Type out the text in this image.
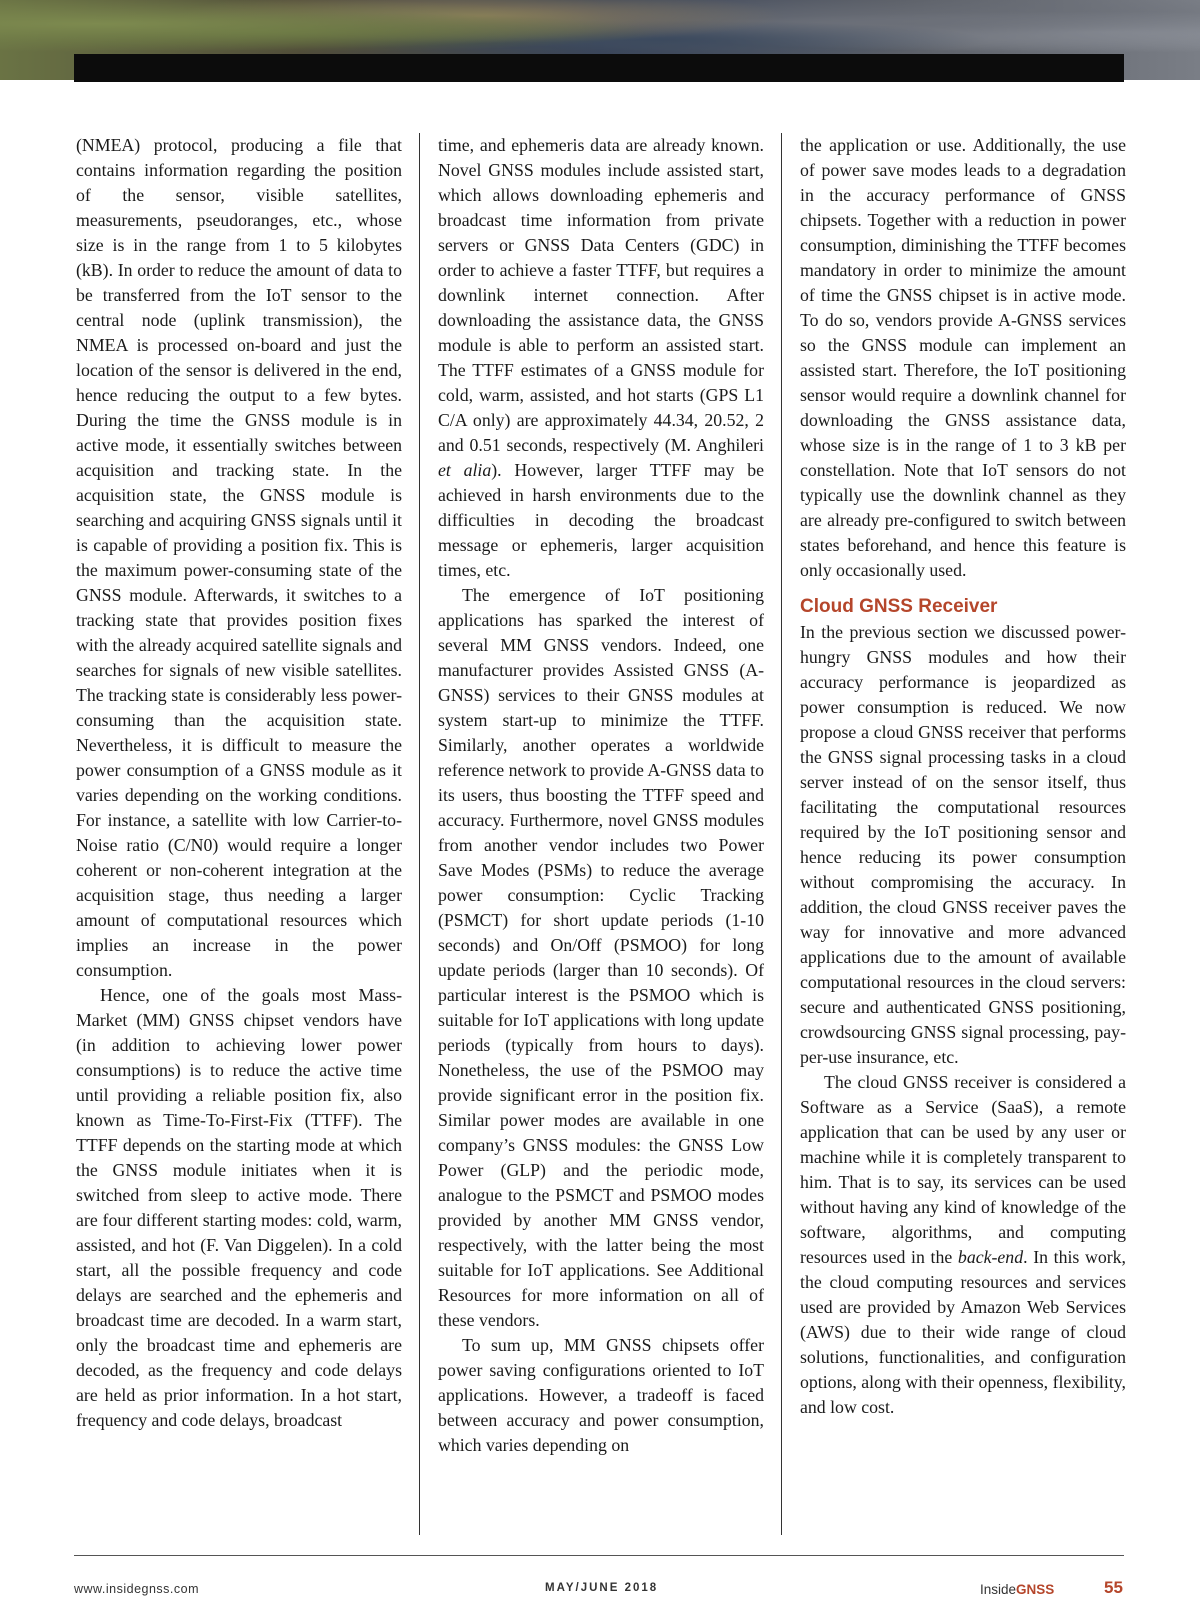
(NMEA) protocol, producing a file that contains information regarding the position of the sensor, visible satellites, measurements, pseudoranges, etc., whose size is in the range from 1 to 5 kilobytes (kB). In order to reduce the amount of data to be transferred from the IoT sensor to the central node (uplink transmission), the NMEA is processed on-board and just the location of the sensor is delivered in the end, hence reducing the output to a few bytes. During the time the GNSS module is in active mode, it essentially switches between acquisition and tracking state. In the acquisition state, the GNSS module is searching and acquiring GNSS signals until it is capable of providing a position fix. This is the maximum power-consuming state of the GNSS module. Afterwards, it switches to a tracking state that provides position fixes with the already acquired satellite signals and searches for signals of new visible satellites. The tracking state is considerably less power-consuming than the acquisition state. Nevertheless, it is difficult to measure the power consumption of a GNSS module as it varies depending on the working conditions. For instance, a satellite with low Carrier-to-Noise ratio (C/N0) would require a longer coherent or non-coherent integration at the acquisition stage, thus needing a larger amount of computational resources which implies an increase in the power consumption.

Hence, one of the goals most Mass-Market (MM) GNSS chipset vendors have (in addition to achieving lower power consumptions) is to reduce the active time until providing a reliable position fix, also known as Time-To-First-Fix (TTFF). The TTFF depends on the starting mode at which the GNSS module initiates when it is switched from sleep to active mode. There are four different starting modes: cold, warm, assisted, and hot (F. Van Diggelen). In a cold start, all the possible frequency and code delays are searched and the ephemeris and broadcast time are decoded. In a warm start, only the broadcast time and ephemeris are decoded, as the frequency and code delays are held as prior information. In a hot start, frequency and code delays, broadcast

time, and ephemeris data are already known. Novel GNSS modules include assisted start, which allows downloading ephemeris and broadcast time information from private servers or GNSS Data Centers (GDC) in order to achieve a faster TTFF, but requires a downlink internet connection. After downloading the assistance data, the GNSS module is able to perform an assisted start. The TTFF estimates of a GNSS module for cold, warm, assisted, and hot starts (GPS L1 C/A only) are approximately 44.34, 20.52, 2 and 0.51 seconds, respectively (M. Anghileri et alia). However, larger TTFF may be achieved in harsh environments due to the difficulties in decoding the broadcast message or ephemeris, larger acquisition times, etc.

The emergence of IoT positioning applications has sparked the interest of several MM GNSS vendors. Indeed, one manufacturer provides Assisted GNSS (A-GNSS) services to their GNSS modules at system start-up to minimize the TTFF. Similarly, another operates a worldwide reference network to provide A-GNSS data to its users, thus boosting the TTFF speed and accuracy. Furthermore, novel GNSS modules from another vendor includes two Power Save Modes (PSMs) to reduce the average power consumption: Cyclic Tracking (PSMCT) for short update periods (1-10 seconds) and On/Off (PSMOO) for long update periods (larger than 10 seconds). Of particular interest is the PSMOO which is suitable for IoT applications with long update periods (typically from hours to days). Nonetheless, the use of the PSMOO may provide significant error in the position fix. Similar power modes are available in one company’s GNSS modules: the GNSS Low Power (GLP) and the periodic mode, analogue to the PSMCT and PSMOO modes provided by another MM GNSS vendor, respectively, with the latter being the most suitable for IoT applications. See Additional Resources for more information on all of these vendors.

To sum up, MM GNSS chipsets offer power saving configurations oriented to IoT applications. However, a tradeoff is faced between accuracy and power consumption, which varies depending on

the application or use. Additionally, the use of power save modes leads to a degradation in the accuracy performance of GNSS chipsets. Together with a reduction in power consumption, diminishing the TTFF becomes mandatory in order to minimize the amount of time the GNSS chipset is in active mode. To do so, vendors provide A-GNSS services so the GNSS module can implement an assisted start. Therefore, the IoT positioning sensor would require a downlink channel for downloading the GNSS assistance data, whose size is in the range of 1 to 3 kB per constellation. Note that IoT sensors do not typically use the downlink channel as they are already pre-configured to switch between states beforehand, and hence this feature is only occasionally used.

Cloud GNSS Receiver

In the previous section we discussed power-hungry GNSS modules and how their accuracy performance is jeopardized as power consumption is reduced. We now propose a cloud GNSS receiver that performs the GNSS signal processing tasks in a cloud server instead of on the sensor itself, thus facilitating the computational resources required by the IoT positioning sensor and hence reducing its power consumption without compromising the accuracy. In addition, the cloud GNSS receiver paves the way for innovative and more advanced applications due to the amount of available computational resources in the cloud servers: secure and authenticated GNSS positioning, crowdsourcing GNSS signal processing, pay-per-use insurance, etc.

The cloud GNSS receiver is considered a Software as a Service (SaaS), a remote application that can be used by any user or machine while it is completely transparent to him. That is to say, its services can be used without having any kind of knowledge of the software, algorithms, and computing resources used in the back-end. In this work, the cloud computing resources and services used are provided by Amazon Web Services (AWS) due to their wide range of cloud solutions, functionalities, and configuration options, along with their openness, flexibility, and low cost.

www.insidegnss.com	MAY/JUNE 2018	InsideGNSS	55
